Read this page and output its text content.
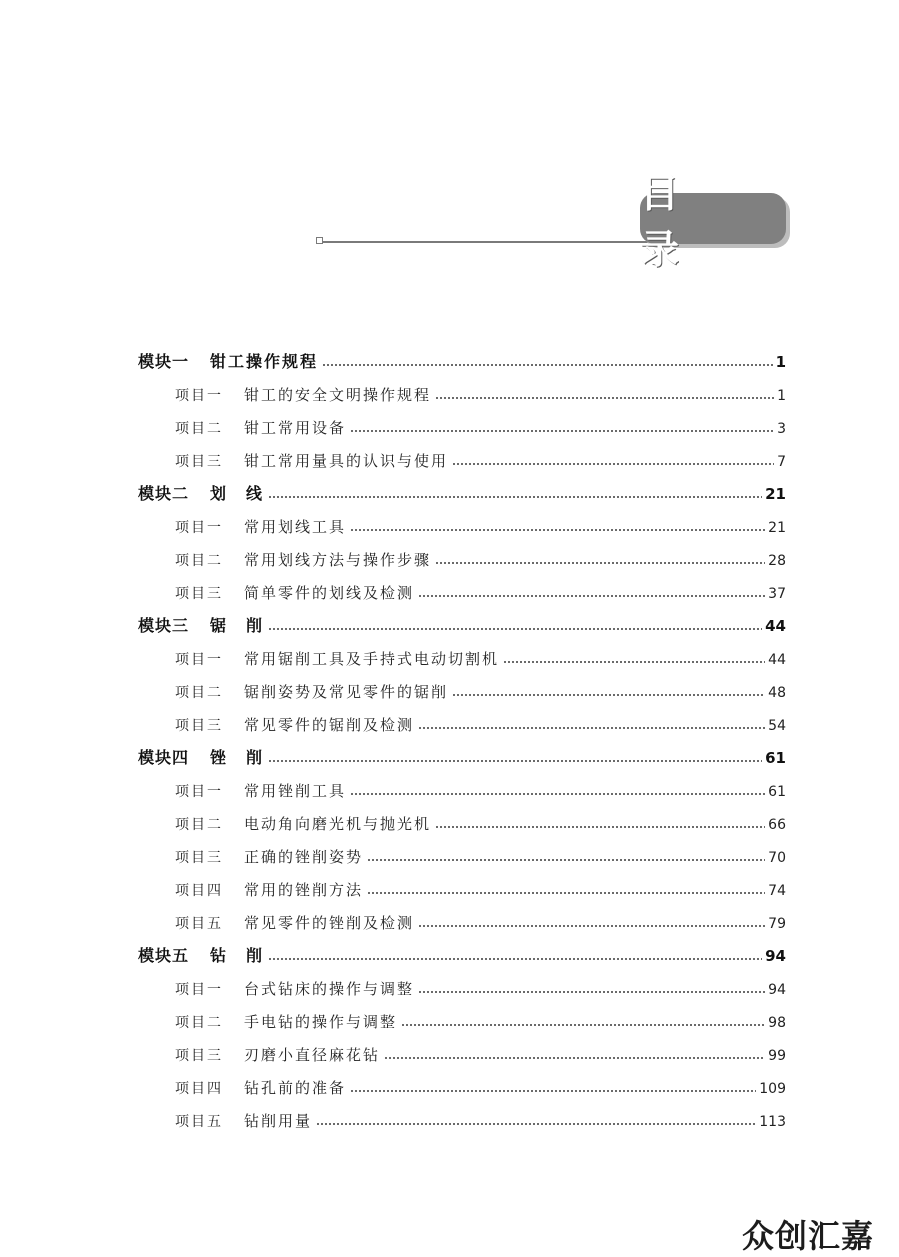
目 录
模块一	钳工操作规程	1
项目一	钳工的安全文明操作规程	1
项目二	钳工常用设备	3
项目三	钳工常用量具的认识与使用	7
模块二	划　线	21
项目一	常用划线工具	21
项目二	常用划线方法与操作步骤	28
项目三	简单零件的划线及检测	37
模块三	锯　削	44
项目一	常用锯削工具及手持式电动切割机	44
项目二	锯削姿势及常见零件的锯削	48
项目三	常见零件的锯削及检测	54
模块四	锉　削	61
项目一	常用锉削工具	61
项目二	电动角向磨光机与抛光机	66
项目三	正确的锉削姿势	70
项目四	常用的锉削方法	74
项目五	常见零件的锉削及检测	79
模块五	钻　削	94
项目一	台式钻床的操作与调整	94
项目二	手电钻的操作与调整	98
项目三	刃磨小直径麻花钻	99
项目四	钻孔前的准备	109
项目五	钻削用量	113
众创汇嘉
